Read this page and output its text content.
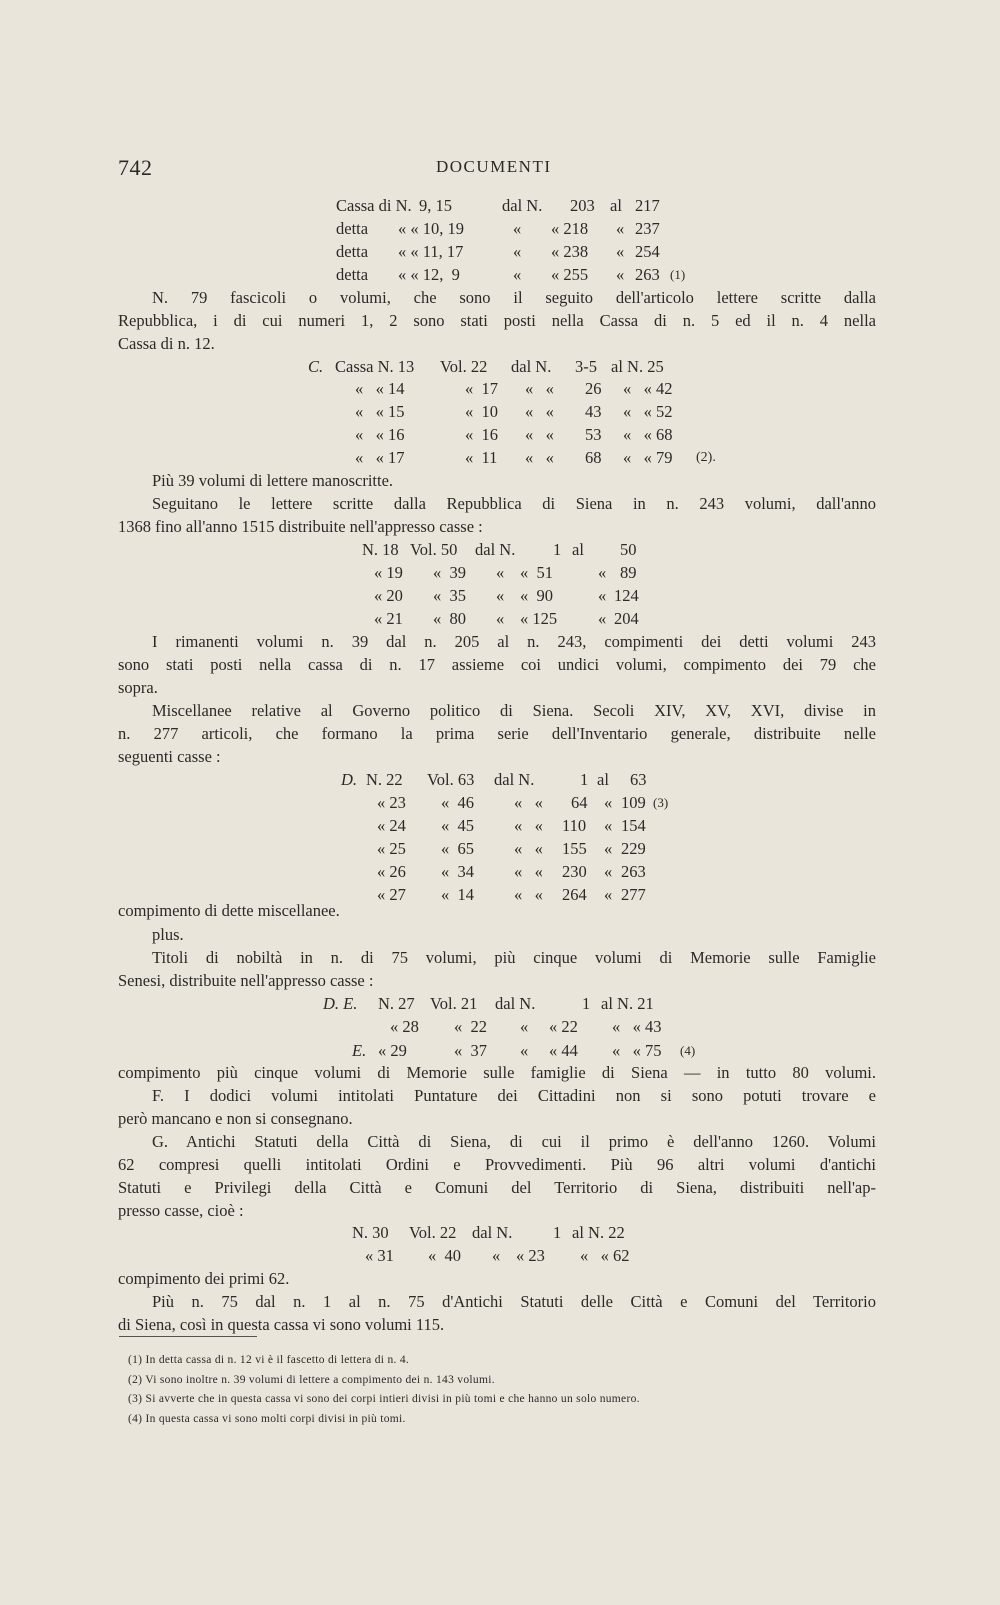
742	DOCUMENTI
Cassa di N. 9, 15	dal N. 203 al 217
detta « « 10, 19	« « 218 « 237
detta « « 11, 17	« « 238 « 254
detta « « 12,  9	« « 255 « 263 (1)
N. 79 fascicoli o volumi, che sono il seguito dell'articolo lettere scritte dalla
Repubblica, i di cui numeri 1, 2 sono stati posti nella Cassa di n. 5 ed il n. 4 nella
Cassa di n. 12.
C. Cassa N. 13 Vol. 22 dal N. 3-5 al N. 25
«   « 14	«  17 «   « 26 «   « 42
«   « 15	«  10 «   « 43 «   « 52
«   « 16	«  16 «   « 53 «   « 68
«   « 17	«  11 «   « 68 «   « 79 (2).
Più 39 volumi di lettere manoscritte.
Seguitano le lettere scritte dalla Repubblica di Siena in n. 243 volumi, dall'anno
1368 fino all'anno 1515 distribuite nell'appresso casse :
N. 18 Vol. 50 dal N. 1 al 50
« 19 «  39 « «  51	« 89
« 20 «  35 « «  90	« 124
« 21 «  80 « « 125 « 204
I rimanenti volumi n. 39 dal n. 205 al n. 243, compimenti dei detti volumi 243
sono stati posti nella cassa di n. 17 assieme coi undici volumi, compimento dei 79 che
sopra.
Miscellanee relative al Governo politico di Siena. Secoli XIV, XV, XVI, divise in
n. 277 articoli, che formano la prima serie dell'Inventario generale, distribuite nelle
seguenti casse :
D. N. 22 Vol. 63 dal N.	1 al 63
« 23 «  46 «   « 64 « 109 (3)
« 24 «  45 «   « 110 « 154
« 25 «  65 «   « 155 « 229
« 26 «  34 «   « 230 « 263
« 27 «  14 «   « 264 « 277
compimento di dette miscellanee.
plus.
Titoli di nobiltà in n. di 75 volumi, più cinque volumi di Memorie sulle Famiglie
Senesi, distribuite nell'appresso casse :
D. E. N. 27 Vol. 21 dal N.	1 al N. 21
« 28 «  22 « « 22 «   « 43
E. « 29	«  37 « « 44 «   « 75 (4)
compimento più cinque volumi di Memorie sulle famiglie di Siena — in tutto 80 volumi.
F. I dodici volumi intitolati Puntature dei Cittadini non si sono potuti trovare e
però mancano e non si consegnano.
G. Antichi Statuti della Città di Siena, di cui il primo è dell'anno 1260. Volumi
62 compresi quelli intitolati Ordini e Provvedimenti. Più 96 altri volumi d'antichi
Statuti e Privilegi della Città e Comuni del Territorio di Siena, distribuiti nell'ap-
presso casse, cioè :
N. 30 Vol. 22 dal N. 1 al N. 22
« 31 «  40 « « 23 «   « 62
compimento dei primi 62.
Più n. 75 dal n. 1 al n. 75 d'Antichi Statuti delle Città e Comuni del Territorio
di Siena, così in questa cassa vi sono volumi 115.
(1) In detta cassa di n. 12 vi è il fascetto di lettera di n. 4.
(2) Vi sono inoltre n. 39 volumi di lettere a compimento dei n. 143 volumi.
(3) Si avverte che in questa cassa vi sono dei corpi intieri divisi in più tomi e che hanno un solo numero.
(4) In questa cassa vi sono molti corpi divisi in più tomi.
